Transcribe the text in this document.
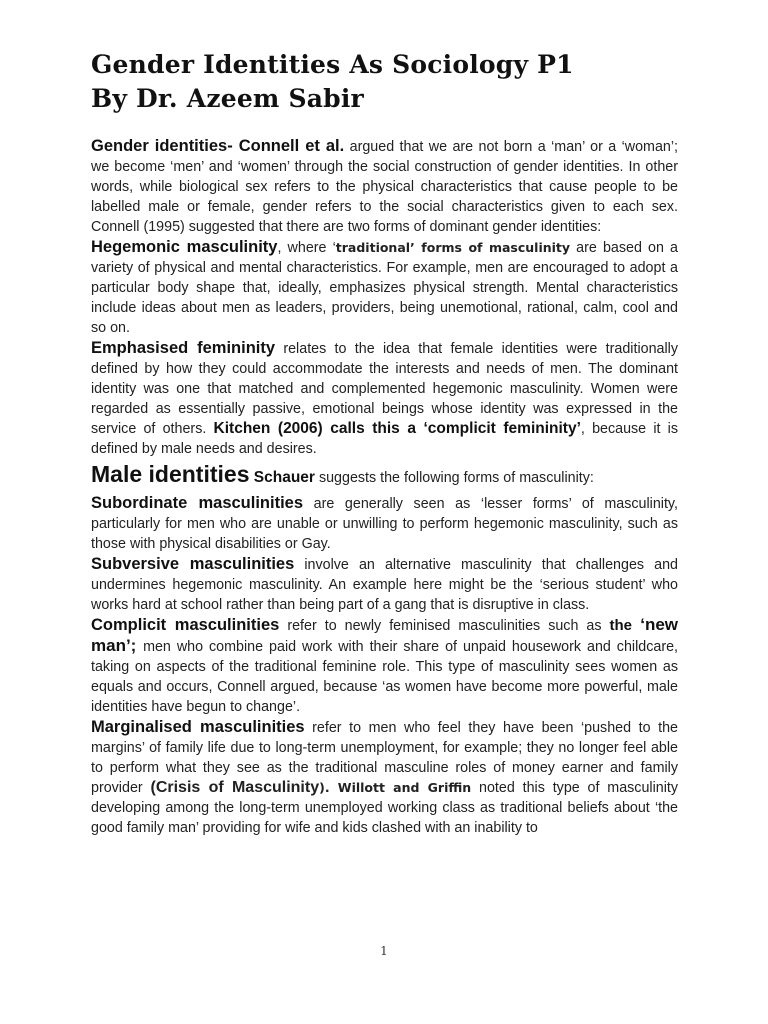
Gender Identities As Sociology P1
By Dr. Azeem Sabir

Gender identities- Connell et al. argued that we are not born a ‘man’ or a ‘woman’; we become ‘men’ and ‘women’ through the social construction of gender identities. In other words, while biological sex refers to the physical characteristics that cause people to be labelled male or female, gender refers to the social characteristics given to each sex. Connell (1995) suggested that there are two forms of dominant gender identities:

Hegemonic masculinity, where ‘traditional’ forms of masculinity are based on a variety of physical and mental characteristics. For example, men are encouraged to adopt a particular body shape that, ideally, emphasizes physical strength. Mental characteristics include ideas about men as leaders, providers, being unemotional, rational, calm, cool and so on.

Emphasised femininity relates to the idea that female identities were traditionally defined by how they could accommodate the interests and needs of men. The dominant identity was one that matched and complemented hegemonic masculinity. Women were regarded as essentially passive, emotional beings whose identity was expressed in the service of others. Kitchen (2006) calls this a ‘complicit femininity’, because it is defined by male needs and desires.

Male identities Schauer suggests the following forms of masculinity:

Subordinate masculinities are generally seen as ‘lesser forms’ of masculinity, particularly for men who are unable or unwilling to perform hegemonic masculinity, such as those with physical disabilities or Gay.

Subversive masculinities involve an alternative masculinity that challenges and undermines hegemonic masculinity. An example here might be the ‘serious student’ who works hard at school rather than being part of a gang that is disruptive in class.

Complicit masculinities refer to newly feminised masculinities such as the ‘new man’; men who combine paid work with their share of unpaid housework and childcare, taking on aspects of the traditional feminine role. This type of masculinity sees women as equals and occurs, Connell argued, because ‘as women have become more powerful, male identities have begun to change’.

Marginalised masculinities refer to men who feel they have been ‘pushed to the margins’ of family life due to long-term unemployment, for example; they no longer feel able to perform what they see as the traditional masculine roles of money earner and family provider (Crisis of Masculinity). Willott and Griffin noted this type of masculinity developing among the long-term unemployed working class as traditional beliefs about ‘the good family man’ providing for wife and kids clashed with an inability to

1
